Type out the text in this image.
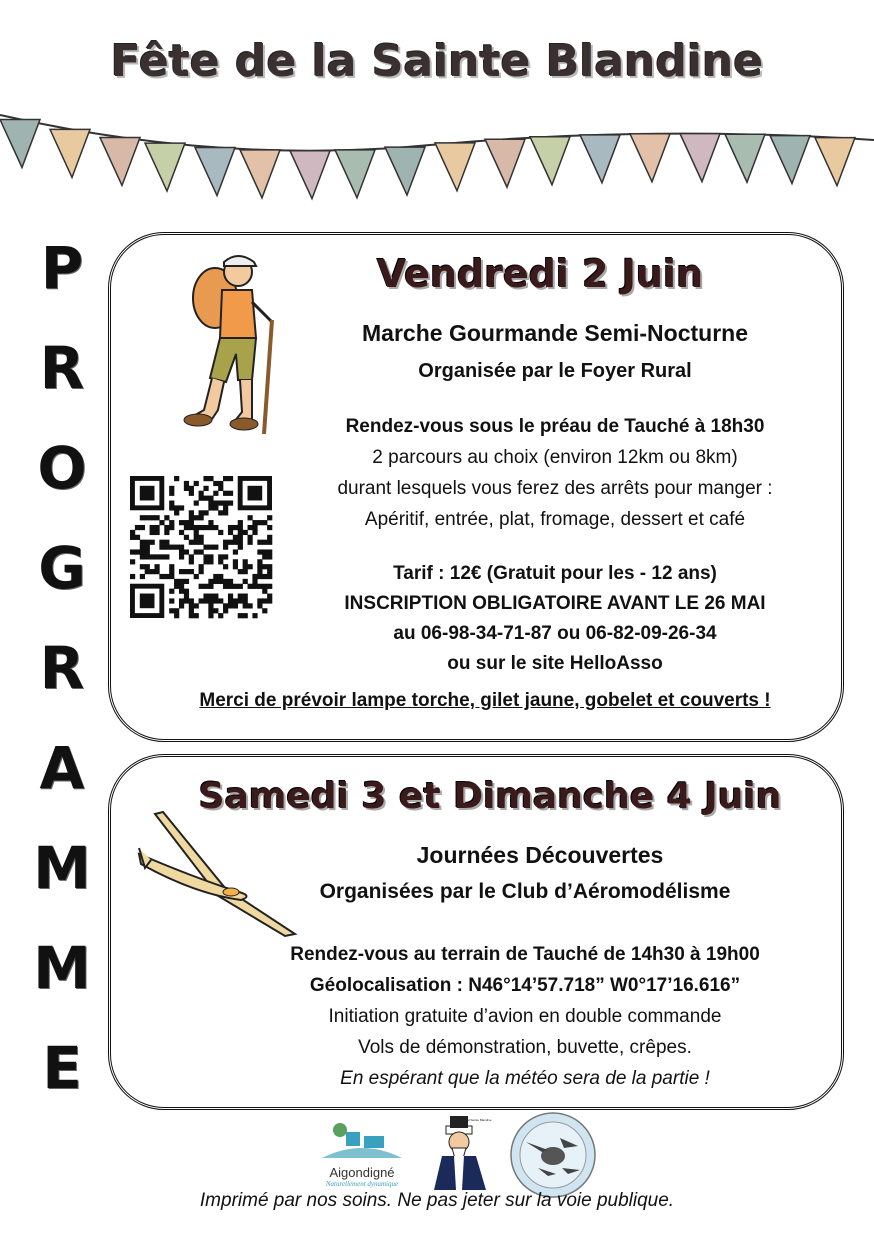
Fête de la Sainte Blandine
P
R
O
G
R
A
M
M
E
Vendredi 2 Juin
Marche Gourmande Semi-Nocturne
Organisée par le Foyer Rural
Rendez-vous sous le préau de Tauché à 18h30
2 parcours au choix (environ 12km ou 8km)
durant lesquels vous ferez des arrêts pour manger :
Apéritif, entrée, plat, fromage, dessert et café
Tarif : 12€ (Gratuit pour les - 12 ans)
INSCRIPTION OBLIGATOIRE AVANT LE 26 MAI
au 06-98-34-71-87 ou 06-82-09-26-34
ou sur le site HelloAsso
Merci de prévoir lampe torche, gilet jaune, gobelet et couverts !
Samedi 3 et Dimanche 4 Juin
Journées Découvertes
Organisées par le Club d’Aéromodélisme
Rendez-vous au terrain de Tauché de 14h30 à 19h00
Géolocalisation : N46°14’57.718” W0°17’16.616”
Initiation gratuite d’avion en double commande
Vols de démonstration, buvette, crêpes.
En espérant que la météo sera de la partie !
Aigondigné
Naturellement dynamique
Foyer Rural Sainte Blandine
Imprimé par nos soins. Ne pas jeter sur la voie publique.
